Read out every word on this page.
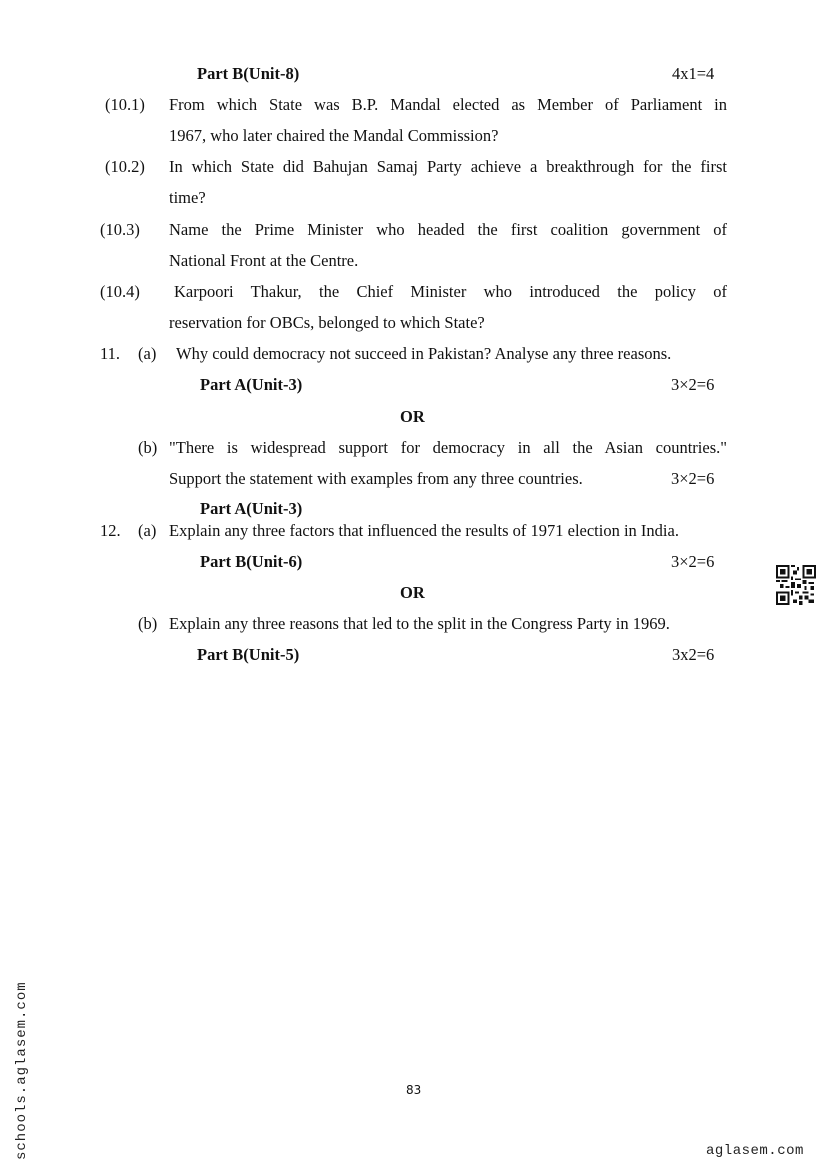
Part B(Unit-8)	4x1=4
(10.1) From which State was B.P. Mandal elected as Member of Parliament in
1967, who later chaired the Mandal Commission?
(10.2) In which State did Bahujan Samaj Party achieve a breakthrough for the first
time?
(10.3) Name the Prime Minister who headed the first coalition government of
National Front at the Centre.
(10.4) Karpoori Thakur, the Chief Minister who introduced the policy of
reservation for OBCs, belonged to which State?
11. (a) Why could democracy not succeed in Pakistan? Analyse any three reasons.
Part A(Unit-3)	3×2=6
OR
(b) "There is widespread support for democracy in all the Asian countries."
Support the statement with examples from any three countries.	3×2=6
Part A(Unit-3)
12. (a) Explain any three factors that influenced the results of 1971 election in India.
Part B(Unit-6)	3×2=6
OR
(b) Explain any three reasons that led to the split in the Congress Party in 1969.
Part B(Unit-5)	3x2=6
83
schools.aglasem.com	aglasem.com
